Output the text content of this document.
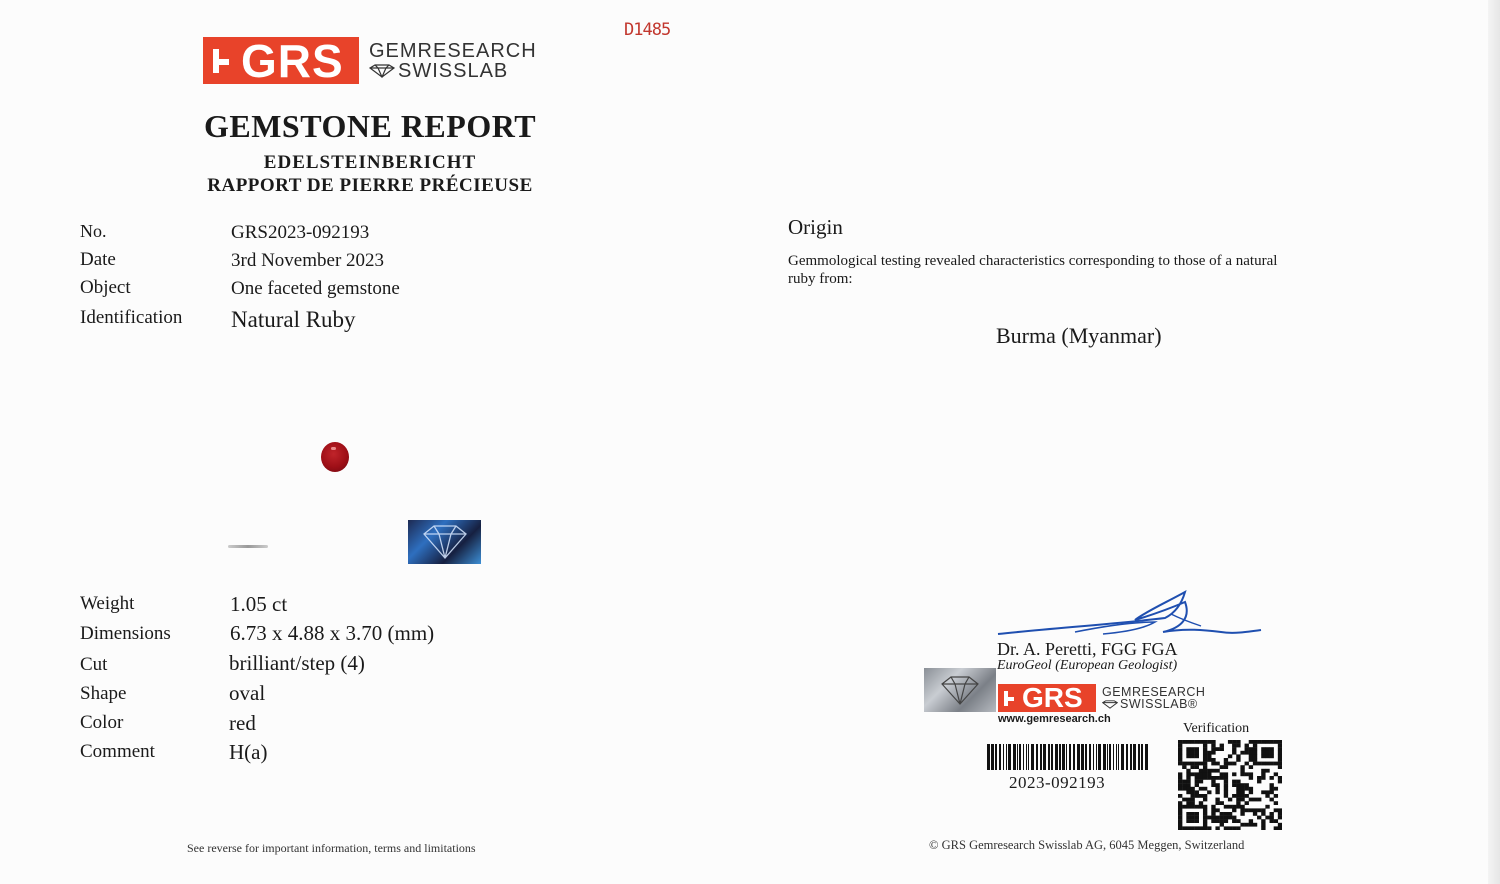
D1485
GRS GEMRESEARCH
SWISSLAB
GEMSTONE REPORT
EDELSTEINBERICHT
RAPPORT DE PIERRE PRÉCIEUSE
No.	GRS2023-092193
Date	3rd November 2023
Object	One faceted gemstone
Identification Natural Ruby
Weight	1.05 ct
Dimensions	6.73 x 4.88 x 3.70 (mm)
Cut	brilliant/step (4)
Shape	oval
Color	red
Comment	H(a)
See reverse for important information, terms and limitations
Origin
Gemmological testing revealed characteristics corresponding to those of a natural ruby from:
Burma (Myanmar)
Dr. A. Peretti, FGG FGA
EuroGeol (European Geologist)
GRS GEMRESEARCH
SWISSLAB®
www.gemresearch.ch
Verification
2023-092193
© GRS Gemresearch Swisslab AG, 6045 Meggen, Switzerland
